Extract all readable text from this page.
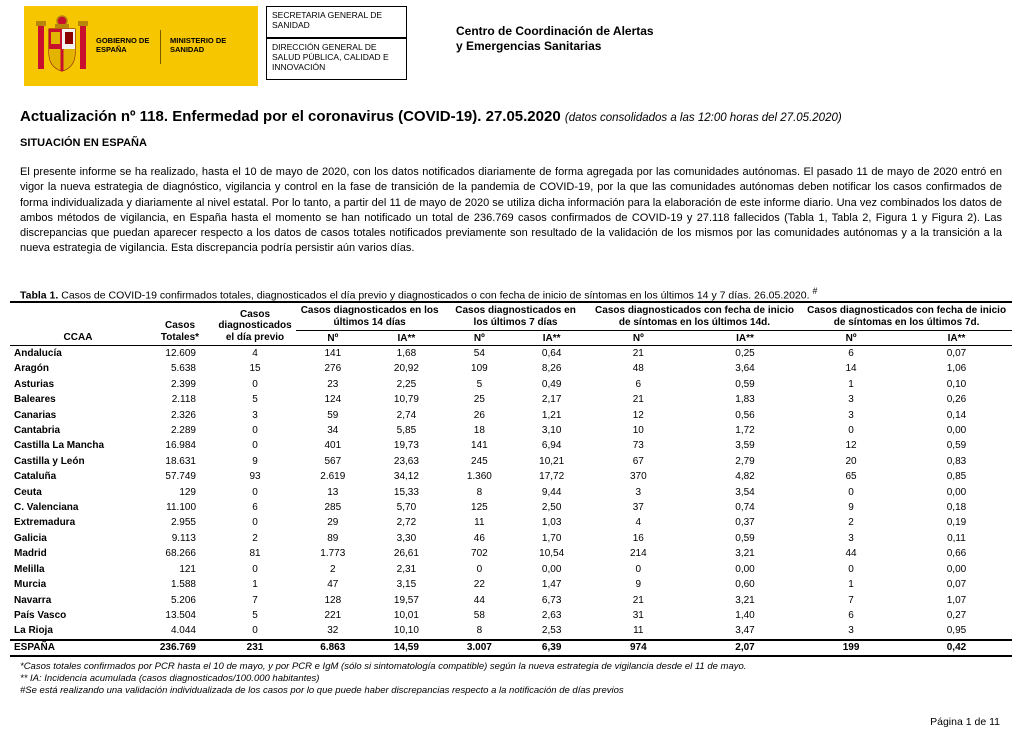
GOBIERNO DE ESPAÑA
MINISTERIO DE SANIDAD
SECRETARIA GENERAL DE SANIDAD
DIRECCIÓN GENERAL DE SALUD PÚBLICA, CALIDAD E INNOVACIÓN
Centro de Coordinación de Alertas y Emergencias Sanitarias
Actualización nº 118. Enfermedad por el coronavirus (COVID-19). 27.05.2020 (datos consolidados a las 12:00 horas del 27.05.2020)
SITUACIÓN EN ESPAÑA
El presente informe se ha realizado, hasta el 10 de mayo de 2020, con los datos notificados diariamente de forma agregada por las comunidades autónomas. El pasado 11 de mayo de 2020 entró en vigor la nueva estrategia de diagnóstico, vigilancia y control en la fase de transición de la pandemia de COVID-19, por la que las comunidades autónomas deben notificar los casos confirmados de forma individualizada y diariamente al nivel estatal. Por lo tanto, a partir del 11 de mayo de 2020 se utiliza dicha información para la elaboración de este informe diario. Una vez combinados los datos de ambos métodos de vigilancia, en España hasta el momento se han notificado un total de 236.769 casos confirmados de COVID-19 y 27.118 fallecidos (Tabla 1, Tabla 2, Figura 1 y Figura 2). Las discrepancias que puedan aparecer respecto a los datos de casos totales notificados previamente son resultado de la validación de los mismos por las comunidades autónomas y a la transición a la nueva estrategia de vigilancia. Esta discrepancia podría persistir aún varios días.
Tabla 1. Casos de COVID-19 confirmados totales, diagnosticados el día previo y diagnosticados o con fecha de inicio de síntomas en los últimos 14 y 7 días. 26.05.2020. #
CCAA	Casos Totales*	Casos diagnosticados el día previo	Casos diagnosticados en los últimos 14 días		Casos diagnosticados en los últimos 7 días		Casos diagnosticados con fecha de inicio de síntomas en los últimos 14d.		Casos diagnosticados con fecha de inicio de síntomas en los últimos 7d.	
			Nº	IA**	Nº	IA**	Nº	IA**	Nº	IA**
Andalucía	12.609	4	141	1,68	54	0,64	21	0,25	6	0,07
Aragón	5.638	15	276	20,92	109	8,26	48	3,64	14	1,06
Asturias	2.399	0	23	2,25	5	0,49	6	0,59	1	0,10
Baleares	2.118	5	124	10,79	25	2,17	21	1,83	3	0,26
Canarias	2.326	3	59	2,74	26	1,21	12	0,56	3	0,14
Cantabria	2.289	0	34	5,85	18	3,10	10	1,72	0	0,00
Castilla La Mancha	16.984	0	401	19,73	141	6,94	73	3,59	12	0,59
Castilla y León	18.631	9	567	23,63	245	10,21	67	2,79	20	0,83
Cataluña	57.749	93	2.619	34,12	1.360	17,72	370	4,82	65	0,85
Ceuta	129	0	13	15,33	8	9,44	3	3,54	0	0,00
C. Valenciana	11.100	6	285	5,70	125	2,50	37	0,74	9	0,18
Extremadura	2.955	0	29	2,72	11	1,03	4	0,37	2	0,19
Galicia	9.113	2	89	3,30	46	1,70	16	0,59	3	0,11
Madrid	68.266	81	1.773	26,61	702	10,54	214	3,21	44	0,66
Melilla	121	0	2	2,31	0	0,00	0	0,00	0	0,00
Murcia	1.588	1	47	3,15	22	1,47	9	0,60	1	0,07
Navarra	5.206	7	128	19,57	44	6,73	21	3,21	7	1,07
País Vasco	13.504	5	221	10,01	58	2,63	31	1,40	6	0,27
La Rioja	4.044	0	32	10,10	8	2,53	11	3,47	3	0,95
ESPAÑA	236.769	231	6.863	14,59	3.007	6,39	974	2,07	199	0,42
*Casos totales confirmados por PCR hasta el 10 de mayo, y por PCR e IgM (sólo si sintomatología compatible) según la nueva estrategia de vigilancia desde el 11 de mayo.
** IA: Incidencia acumulada (casos diagnosticados/100.000 habitantes)
#Se está realizando una validación individualizada de los casos por lo que puede haber discrepancias respecto a la notificación de días previos
Página 1 de 11
